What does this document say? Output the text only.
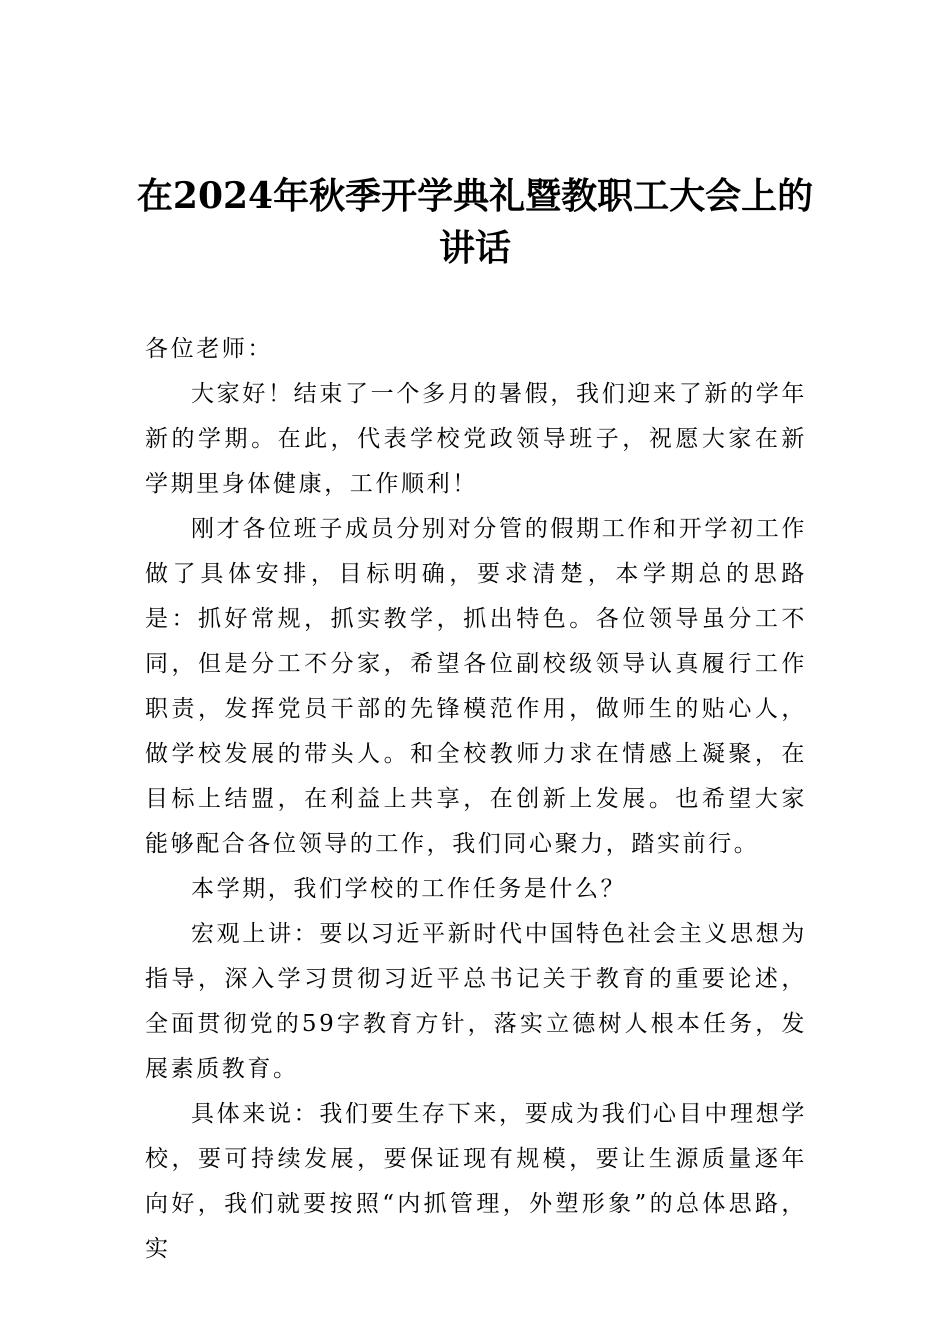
在2024年秋季开学典礼暨教职工大会上的讲话

各位老师：

大家好！结束了一个多月的暑假，我们迎来了新的学年新的学期。在此，代表学校党政领导班子，祝愿大家在新学期里身体健康，工作顺利！

刚才各位班子成员分别对分管的假期工作和开学初工作做了具体安排，目标明确，要求清楚，本学期总的思路是：抓好常规，抓实教学，抓出特色。各位领导虽分工不同，但是分工不分家，希望各位副校级领导认真履行工作职责，发挥党员干部的先锋模范作用，做师生的贴心人，做学校发展的带头人。和全校教师力求在情感上凝聚，在目标上结盟，在利益上共享，在创新上发展。也希望大家能够配合各位领导的工作，我们同心聚力，踏实前行。

本学期，我们学校的工作任务是什么？

宏观上讲：要以习近平新时代中国特色社会主义思想为指导，深入学习贯彻习近平总书记关于教育的重要论述，全面贯彻党的59字教育方针，落实立德树人根本任务，发展素质教育。

具体来说：我们要生存下来，要成为我们心目中理想学校，要可持续发展，要保证现有规模，要让生源质量逐年向好，我们就要按照“内抓管理，外塑形象”的总体思路，实
